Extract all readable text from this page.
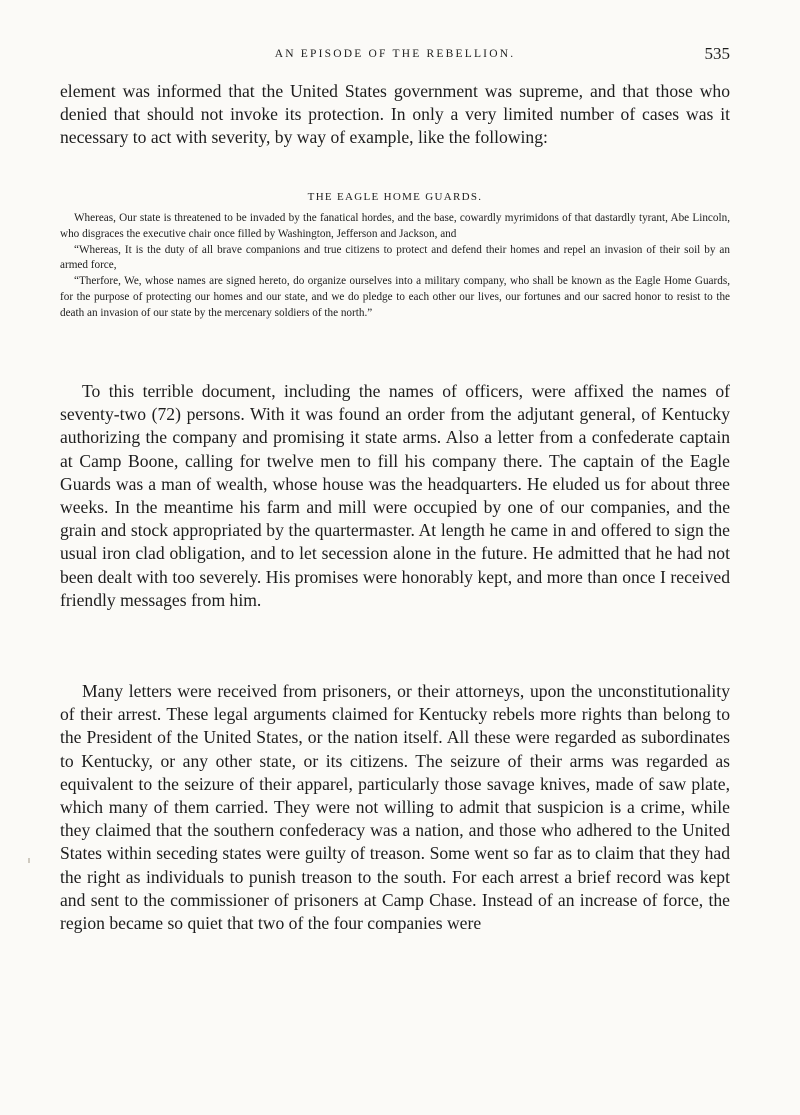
AN EPISODE OF THE REBELLION.	535

element was informed that the United States government was supreme, and that those who denied that should not invoke its protection. In only a very limited number of cases was it necessary to act with severity, by way of example, like the following:

THE EAGLE HOME GUARDS.

Whereas, Our state is threatened to be invaded by the fanatical hordes, and the base, cowardly myrimidons of that dastardly tyrant, Abe Lincoln, who disgraces the executive chair once filled by Washington, Jefferson and Jackson, and

“Whereas, It is the duty of all brave companions and true citizens to protect and defend their homes and repel an invasion of their soil by an armed force,

“Therfore, We, whose names are signed hereto, do organize ourselves into a military company, who shall be known as the Eagle Home Guards, for the purpose of protecting our homes and our state, and we do pledge to each other our lives, our fortunes and our sacred honor to resist to the death an invasion of our state by the mercenary soldiers of the north.”

To this terrible document, including the names of officers, were affixed the names of seventy-two (72) persons. With it was found an order from the adjutant general, of Kentucky authorizing the company and promising it state arms. Also a letter from a confederate captain at Camp Boone, calling for twelve men to fill his company there. The captain of the Eagle Guards was a man of wealth, whose house was the headquarters. He eluded us for about three weeks. In the meantime his farm and mill were occupied by one of our companies, and the grain and stock appropriated by the quartermaster. At length he came in and offered to sign the usual iron clad obligation, and to let secession alone in the future. He admitted that he had not been dealt with too severely. His promises were honorably kept, and more than once I received friendly messages from him.

Many letters were received from prisoners, or their attorneys, upon the unconstitutionality of their arrest. These legal arguments claimed for Kentucky rebels more rights than belong to the President of the United States, or the nation itself. All these were regarded as subordinates to Kentucky, or any other state, or its citizens. The seizure of their arms was regarded as equivalent to the seizure of their apparel, particularly those savage knives, made of saw plate, which many of them carried. They were not willing to admit that suspicion is a crime, while they claimed that the southern confederacy was a nation, and those who adhered to the United States within seceding states were guilty of treason. Some went so far as to claim that they had the right as individuals to punish treason to the south. For each arrest a brief record was kept and sent to the commissioner of prisoners at Camp Chase. Instead of an increase of force, the region became so quiet that two of the four companies were
